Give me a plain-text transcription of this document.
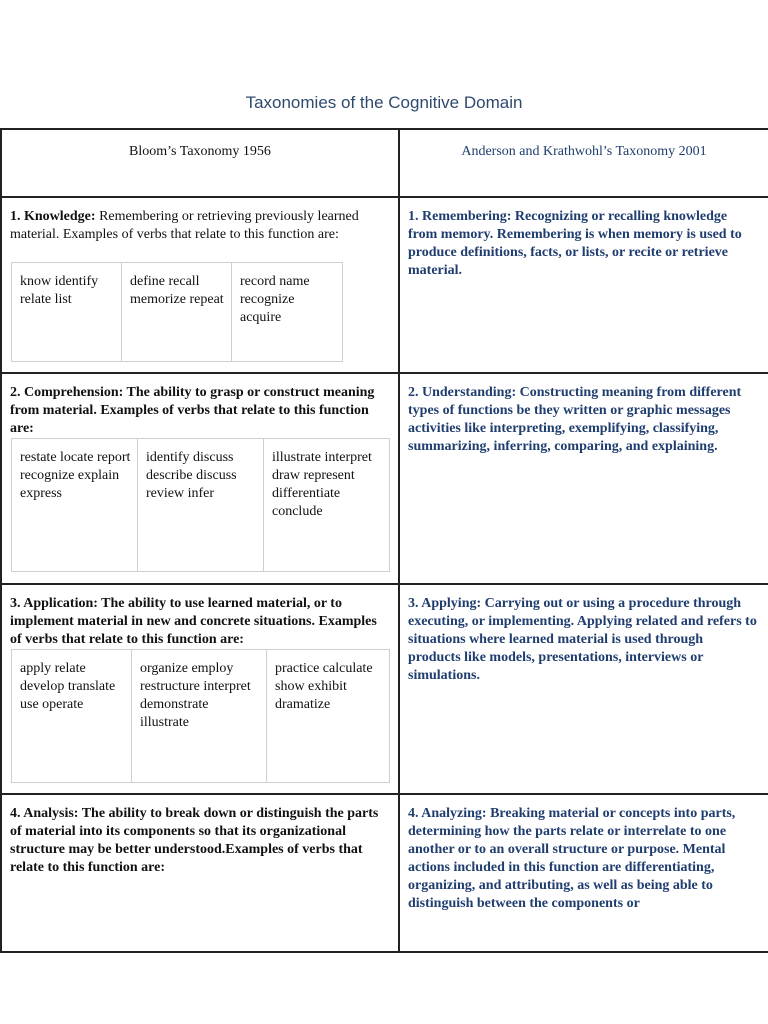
Taxonomies of the Cognitive Domain
Bloom’s Taxonomy 1956	Anderson and Krathwohl’s Taxonomy 2001
1. Knowledge: Remembering or retrieving previously learned material. Examples of verbs that relate to this function are:
know identify relate list
define recall memorize repeat
record name recognize acquire
1. Remembering: Recognizing or recalling knowledge from memory. Remembering is when memory is used to produce definitions, facts, or lists, or recite or retrieve material.
2. Comprehension: The ability to grasp or construct meaning from material. Examples of verbs that relate to this function are:
restate locate report recognize explain express
identify discuss describe discuss review infer
illustrate interpret draw represent differentiate conclude
2. Understanding: Constructing meaning from different types of functions be they written or graphic messages activities like interpreting, exemplifying, classifying, summarizing, inferring, comparing, and explaining.
3. Application: The ability to use learned material, or to implement material in new and concrete situations. Examples of verbs that relate to this function are:
apply relate develop translate use operate
organize employ restructure interpret demonstrate illustrate
practice calculate show exhibit dramatize
3. Applying: Carrying out or using a procedure through executing, or implementing. Applying related and refers to situations where learned material is used through products like models, presentations, interviews or simulations.
4. Analysis: The ability to break down or distinguish the parts of material into its components so that its organizational structure may be better understood.Examples of verbs that relate to this function are:
4. Analyzing: Breaking material or concepts into parts, determining how the parts relate or interrelate to one another or to an overall structure or purpose. Mental actions included in this function are differentiating, organizing, and attributing, as well as being able to distinguish between the components or
